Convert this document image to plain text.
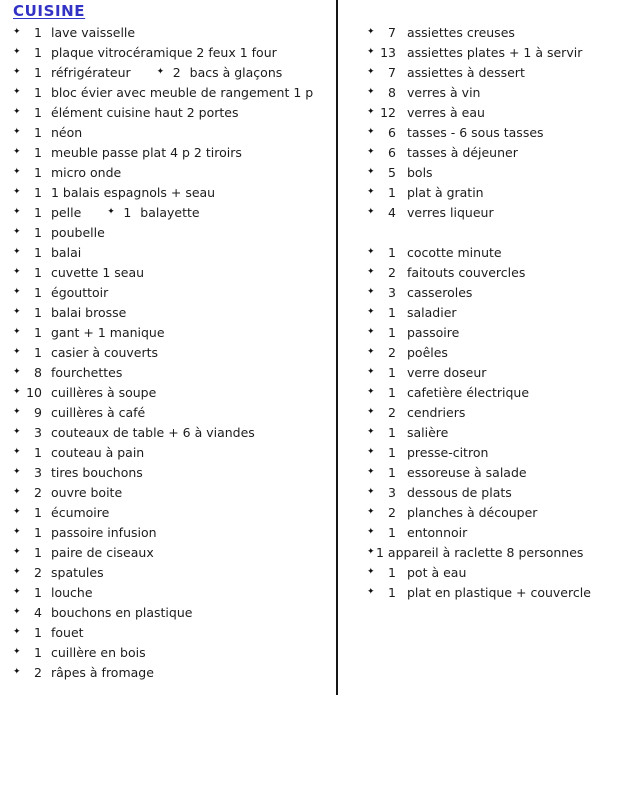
CUISINE
✦	1 lave vaisselle
✦	1 plaque vitrocéramique 2 feux 1 four
✦	1 réfrigérateur	✦ 2 bacs à glaçons
✦	1 bloc évier avec meuble de rangement 1 p
✦	1 élément cuisine haut 2 portes
✦	1 néon
✦	1 meuble passe plat 4 p 2 tiroirs
✦	1 micro onde
✦	1 1 balais espagnols + seau
✦	1 pelle	✦ 1 balayette
✦	1 poubelle
✦	1 balai
✦	1 cuvette 1 seau
✦	1 égouttoir
✦	1 balai brosse
✦	1 gant + 1 manique
✦	1 casier à couverts
✦	8 fourchettes
✦ 10 cuillères à soupe
✦	9 cuillères à café
✦	3 couteaux de table + 6 à viandes
✦	1 couteau à pain
✦	3 tires bouchons
✦	2 ouvre boite
✦	1 écumoire
✦	1 passoire infusion
✦	1 paire de ciseaux
✦	2 spatules
✦	1 louche
✦	4 bouchons en plastique
✦	1 fouet
✦	1 cuillère en bois
✦	2 râpes à fromage
✦	7 assiettes creuses
✦ 13 assiettes plates + 1 à servir
✦	7 assiettes à dessert
✦	8 verres à vin
✦ 12 verres à eau
✦	6 tasses - 6 sous tasses
✦	6 tasses à déjeuner
✦	5 bols
✦	1 plat à gratin
✦	4 verres liqueur
✦	1 cocotte minute
✦	2 faitouts couvercles
✦	3 casseroles
✦	1 saladier
✦	1 passoire
✦	2 poêles
✦	1 verre doseur
✦	1 cafetière électrique
✦	2 cendriers
✦	1 salière
✦	1 presse-citron
✦	1 essoreuse à salade
✦	3 dessous de plats
✦	2 planches à découper
✦	1 entonnoir
✦ 1 appareil à raclette 8 personnes
✦	1 pot à eau
✦	1 plat en plastique + couvercle
